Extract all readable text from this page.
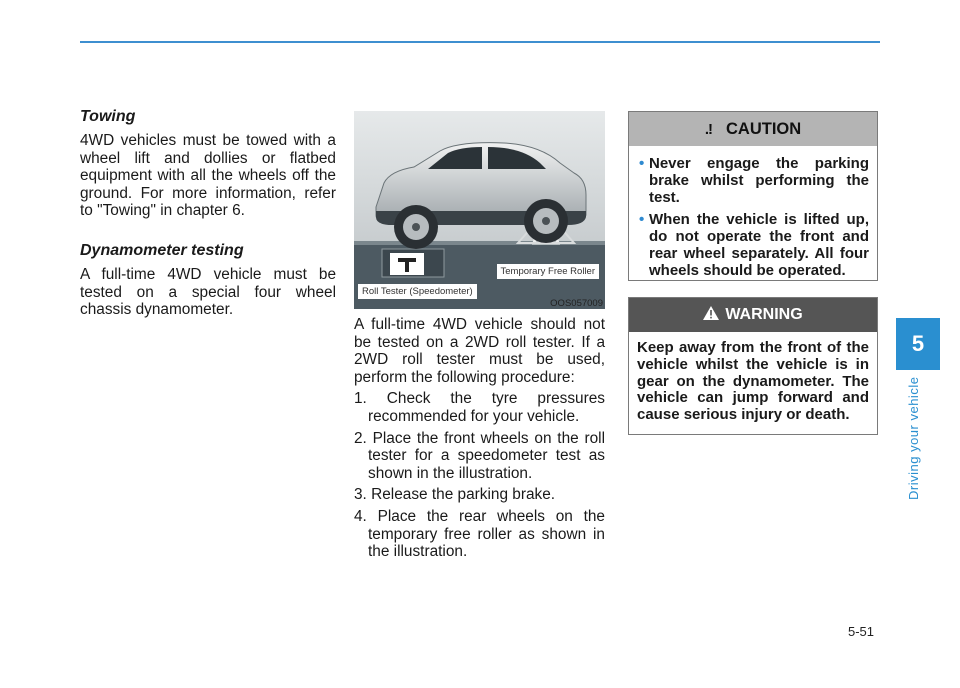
Towing

4WD vehicles must be towed with a wheel lift and dollies or flatbed equipment with all the wheels off the ground. For more information, refer to "Towing" in chapter 6.

Dynamometer testing

A full-time 4WD vehicle must be tested on a special four wheel chassis dynamometer.

Temporary Free Roller
Roll Tester (Speedometer)
OOS057009

A full-time 4WD vehicle should not be tested on a 2WD roll tester. If a 2WD roll tester must be used, perform the following procedure:

1. Check the tyre pressures recommended for your vehicle.
2. Place the front wheels on the roll tester for a speedometer test as shown in the illustration.
3. Release the parking brake.
4. Place the rear wheels on the temporary free roller as shown in the illustration.
.! CAUTION
• Never engage the parking brake whilst performing the test.
• When the vehicle is lifted up, do not operate the front and rear wheel separately. All four wheels should be operated.
WARNING

Keep away from the front of the vehicle whilst the vehicle is in gear on the dynamometer. The vehicle can jump forward and cause serious injury or death.

5
Driving your vehicle
5-51
